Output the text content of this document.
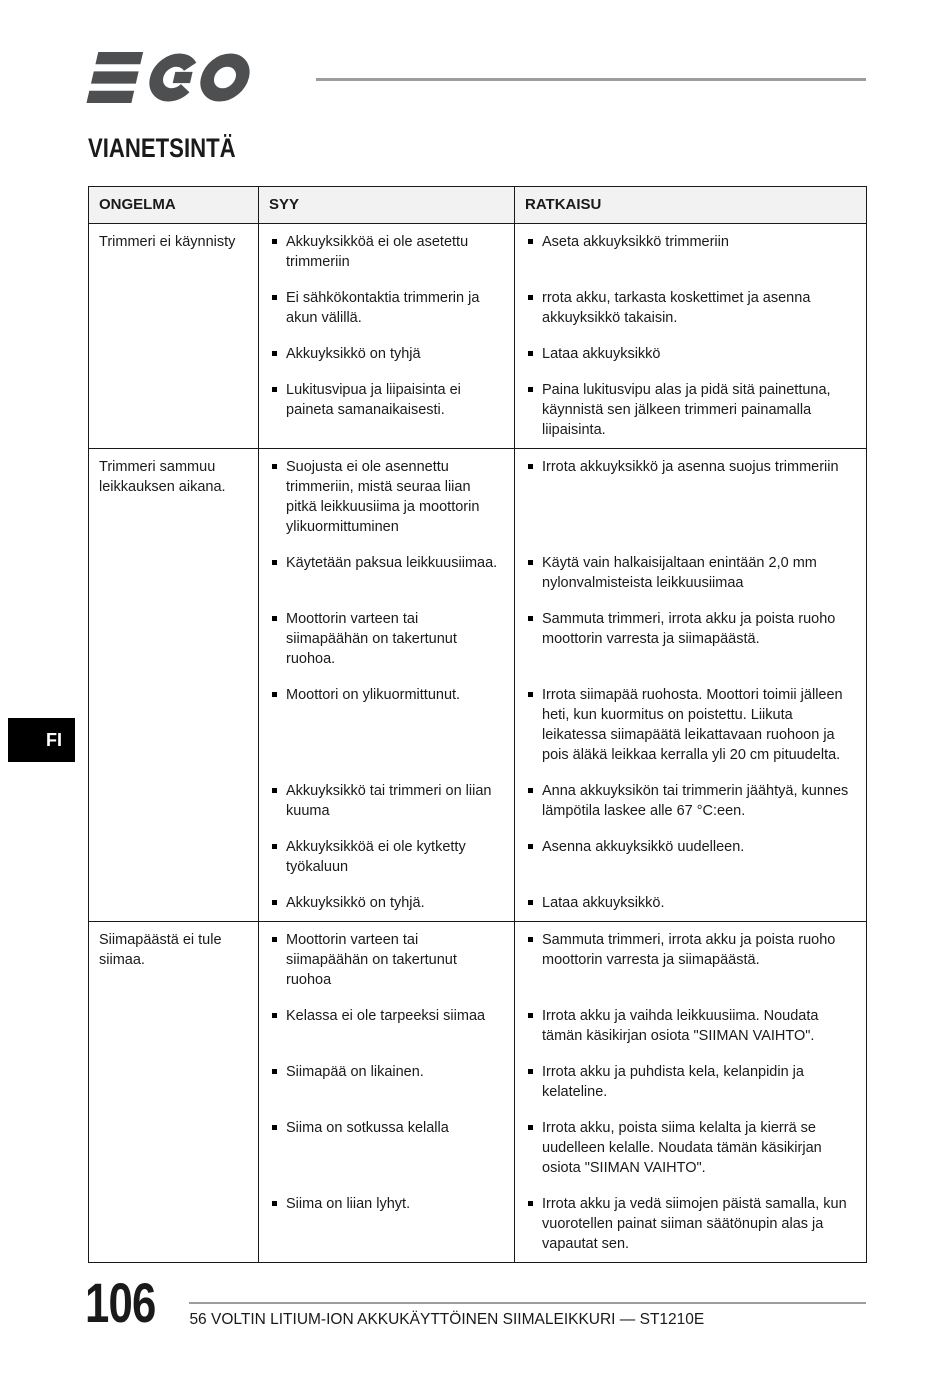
VIANETSINTÄ
ONGELMA	SYY	RATKAISU
Trimmeri ei käynnisty	Akkuyksikköä ei ole asetettu trimmeriin	Aseta akkuyksikkö trimmeriin

	Ei sähkökontaktia trimmerin ja akun välillä.	rrota akku, tarkasta koskettimet ja asenna akkuyksikkö takaisin.

	Akkuyksikkö on tyhjä	Lataa akkuyksikkö

	Lukitusvipua ja liipaisinta ei paineta samanaikaisesti.	Paina lukitusvipu alas ja pidä sitä painettuna, käynnistä sen jälkeen trimmeri painamalla liipaisinta.

Trimmeri sammuu leikkauksen aikana.	Suojusta ei ole asennettu trimmeriin, mistä seuraa liian pitkä leikkuusiima ja moottorin ylikuormittuminen	Irrota akkuyksikkö ja asenna suojus trimmeriin

	Käytetään paksua leikkuusiimaa.	Käytä vain halkaisijaltaan enintään 2,0 mm nylonvalmisteista leikkuusiimaa

	Moottorin varteen tai siimapäähän on takertunut ruohoa.	Sammuta trimmeri, irrota akku ja poista ruoho moottorin varresta ja siimapäästä.

	Moottori on ylikuormittunut.	Irrota siimapää ruohosta. Moottori toimii jälleen heti, kun kuormitus on poistettu. Liikuta leikatessa siimapäätä leikattavaan ruohoon ja pois äläkä leikkaa kerralla yli 20 cm pituudelta.

	Akkuyksikkö tai trimmeri on liian kuuma	Anna akkuyksikön tai trimmerin jäähtyä, kunnes lämpötila laskee alle 67 °C:een.

	Akkuyksikköä ei ole kytketty työkaluun	Asenna akkuyksikkö uudelleen.

	Akkuyksikkö on tyhjä.	Lataa akkuyksikkö.

Siimapäästä ei tule siimaa.	Moottorin varteen tai siimapäähän on takertunut ruohoa	Sammuta trimmeri, irrota akku ja poista ruoho moottorin varresta ja siimapäästä.

	Kelassa ei ole tarpeeksi siimaa	Irrota akku ja vaihda leikkuusiima. Noudata tämän käsikirjan osiota "SIIMAN VAIHTO".

	Siimapää on likainen.	Irrota akku ja puhdista kela, kelanpidin ja kelateline.

	Siima on sotkussa kelalla	Irrota akku, poista siima kelalta ja kierrä se uudelleen kelalle. Noudata tämän käsikirjan osiota "SIIMAN VAIHTO".

	Siima on liian lyhyt.	Irrota akku ja vedä siimojen päistä samalla, kun vuorotellen painat siiman säätönupin alas ja vapautat sen.
FI
106 56 VOLTIN LITIUM-ION AKKUKÄYTTÖINEN SIIMALEIKKURI — ST1210E
